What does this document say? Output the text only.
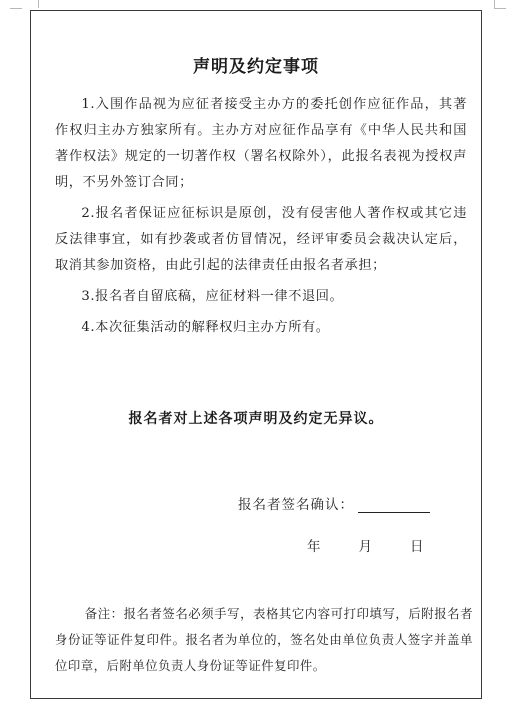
声明及约定事项

1.入围作品视为应征者接受主办方的委托创作应征作品，其著作权归主办方独家所有。主办方对应征作品享有《中华人民共和国著作权法》规定的一切著作权（署名权除外），此报名表视为授权声明，不另外签订合同；

2.报名者保证应征标识是原创，没有侵害他人著作权或其它违反法律事宜，如有抄袭或者仿冒情况，经评审委员会裁决认定后，取消其参加资格，由此引起的法律责任由报名者承担；

3.报名者自留底稿，应征材料一律不退回。

4.本次征集活动的解释权归主办方所有。

报名者对上述各项声明及约定无异议。
报名者签名确认：
年	月	日

备注：报名者签名必须手写，表格其它内容可打印填写，后附报名者身份证等证件复印件。报名者为单位的，签名处由单位负责人签字并盖单位印章，后附单位负责人身份证等证件复印件。
